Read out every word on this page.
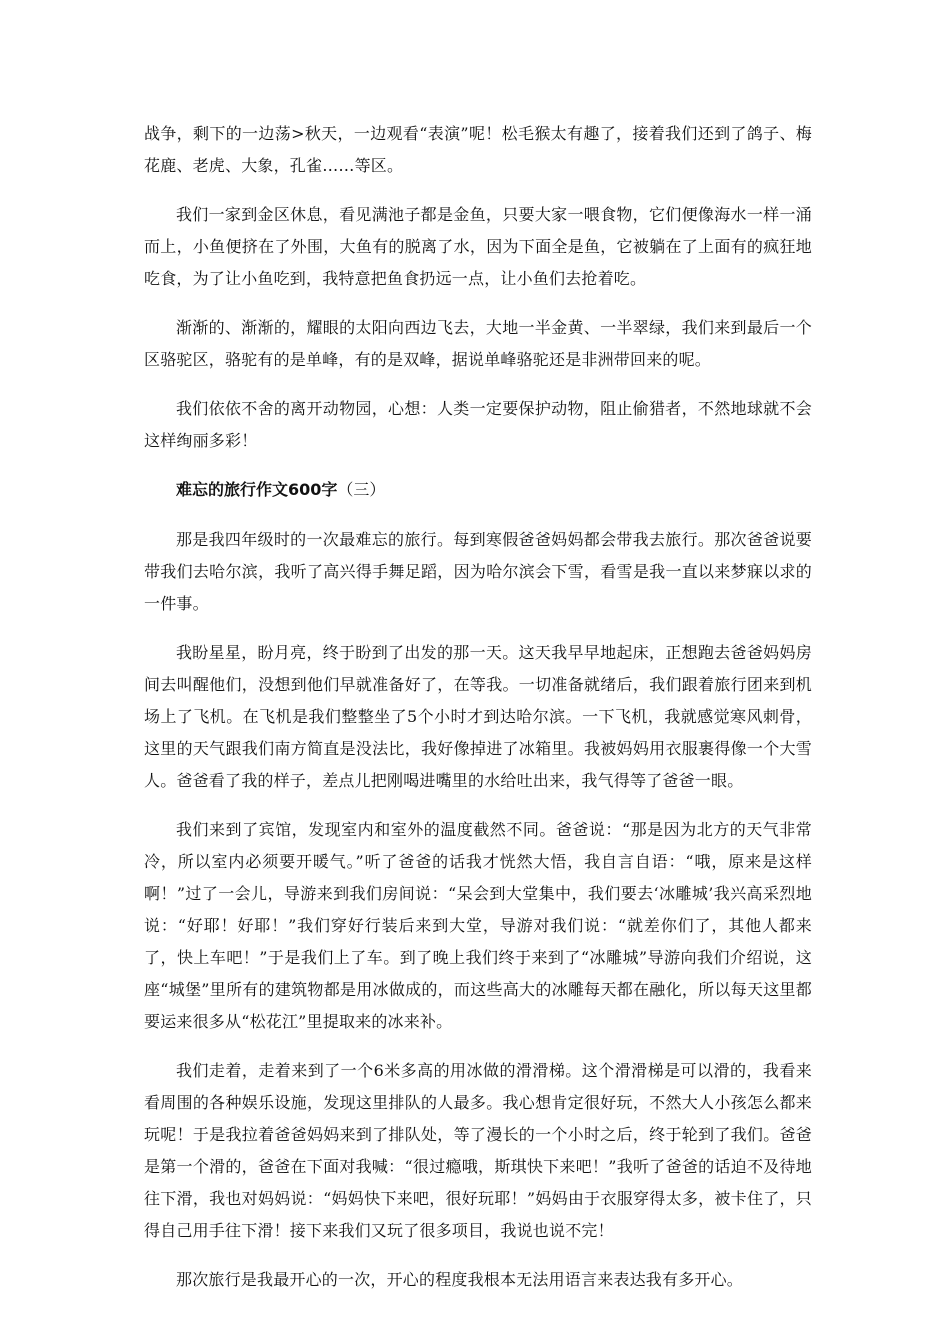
战争，剩下的一边荡>秋天，一边观看“表演”呢！松毛猴太有趣了，接着我们还到了鸽子、梅花鹿、老虎、大象，孔雀……等区。

我们一家到金区休息，看见满池子都是金鱼，只要大家一喂食物，它们便像海水一样一涌而上，小鱼便挤在了外围，大鱼有的脱离了水，因为下面全是鱼，它被躺在了上面有的疯狂地吃食，为了让小鱼吃到，我特意把鱼食扔远一点，让小鱼们去抢着吃。

渐渐的、渐渐的，耀眼的太阳向西边飞去，大地一半金黄、一半翠绿，我们来到最后一个区骆驼区，骆驼有的是单峰，有的是双峰，据说单峰骆驼还是非洲带回来的呢。

我们依依不舍的离开动物园，心想：人类一定要保护动物，阻止偷猎者，不然地球就不会这样绚丽多彩！

难忘的旅行作文600字（三）

那是我四年级时的一次最难忘的旅行。每到寒假爸爸妈妈都会带我去旅行。那次爸爸说要带我们去哈尔滨，我听了高兴得手舞足蹈，因为哈尔滨会下雪，看雪是我一直以来梦寐以求的一件事。

我盼星星，盼月亮，终于盼到了出发的那一天。这天我早早地起床，正想跑去爸爸妈妈房间去叫醒他们，没想到他们早就准备好了，在等我。一切准备就绪后，我们跟着旅行团来到机场上了飞机。在飞机是我们整整坐了5个小时才到达哈尔滨。一下飞机，我就感觉寒风刺骨，这里的天气跟我们南方简直是没法比，我好像掉进了冰箱里。我被妈妈用衣服裹得像一个大雪人。爸爸看了我的样子，差点儿把刚喝进嘴里的水给吐出来，我气得等了爸爸一眼。

我们来到了宾馆，发现室内和室外的温度截然不同。爸爸说：“那是因为北方的天气非常冷，所以室内必须要开暖气。”听了爸爸的话我才恍然大悟，我自言自语：“哦，原来是这样啊！”过了一会儿，导游来到我们房间说：“呆会到大堂集中，我们要去‘冰雕城’我兴高采烈地说：“好耶！好耶！”我们穿好行装后来到大堂，导游对我们说：“就差你们了，其他人都来了，快上车吧！”于是我们上了车。到了晚上我们终于来到了“冰雕城”导游向我们介绍说，这座“城堡”里所有的建筑物都是用冰做成的，而这些高大的冰雕每天都在融化，所以每天这里都要运来很多从“松花江”里提取来的冰来补。

我们走着，走着来到了一个6米多高的用冰做的滑滑梯。这个滑滑梯是可以滑的，我看来看周围的各种娱乐设施，发现这里排队的人最多。我心想肯定很好玩，不然大人小孩怎么都来玩呢！于是我拉着爸爸妈妈来到了排队处，等了漫长的一个小时之后，终于轮到了我们。爸爸是第一个滑的，爸爸在下面对我喊：“很过瘾哦，斯琪快下来吧！”我听了爸爸的话迫不及待地往下滑，我也对妈妈说：“妈妈快下来吧，很好玩耶！”妈妈由于衣服穿得太多，被卡住了，只得自己用手往下滑！接下来我们又玩了很多项目，我说也说不完！

那次旅行是我最开心的一次，开心的程度我根本无法用语言来表达我有多开心。
